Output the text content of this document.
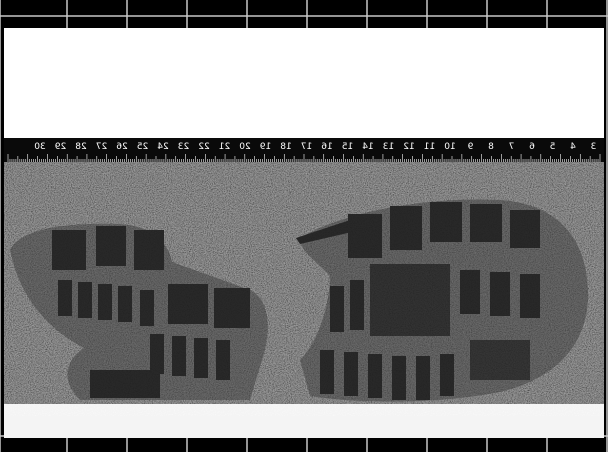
30 29 28 27 26 25 24 23 22 21 20 19 18 17 16 15 14 13 12 11 10 9 8 7 6 5 4 3
